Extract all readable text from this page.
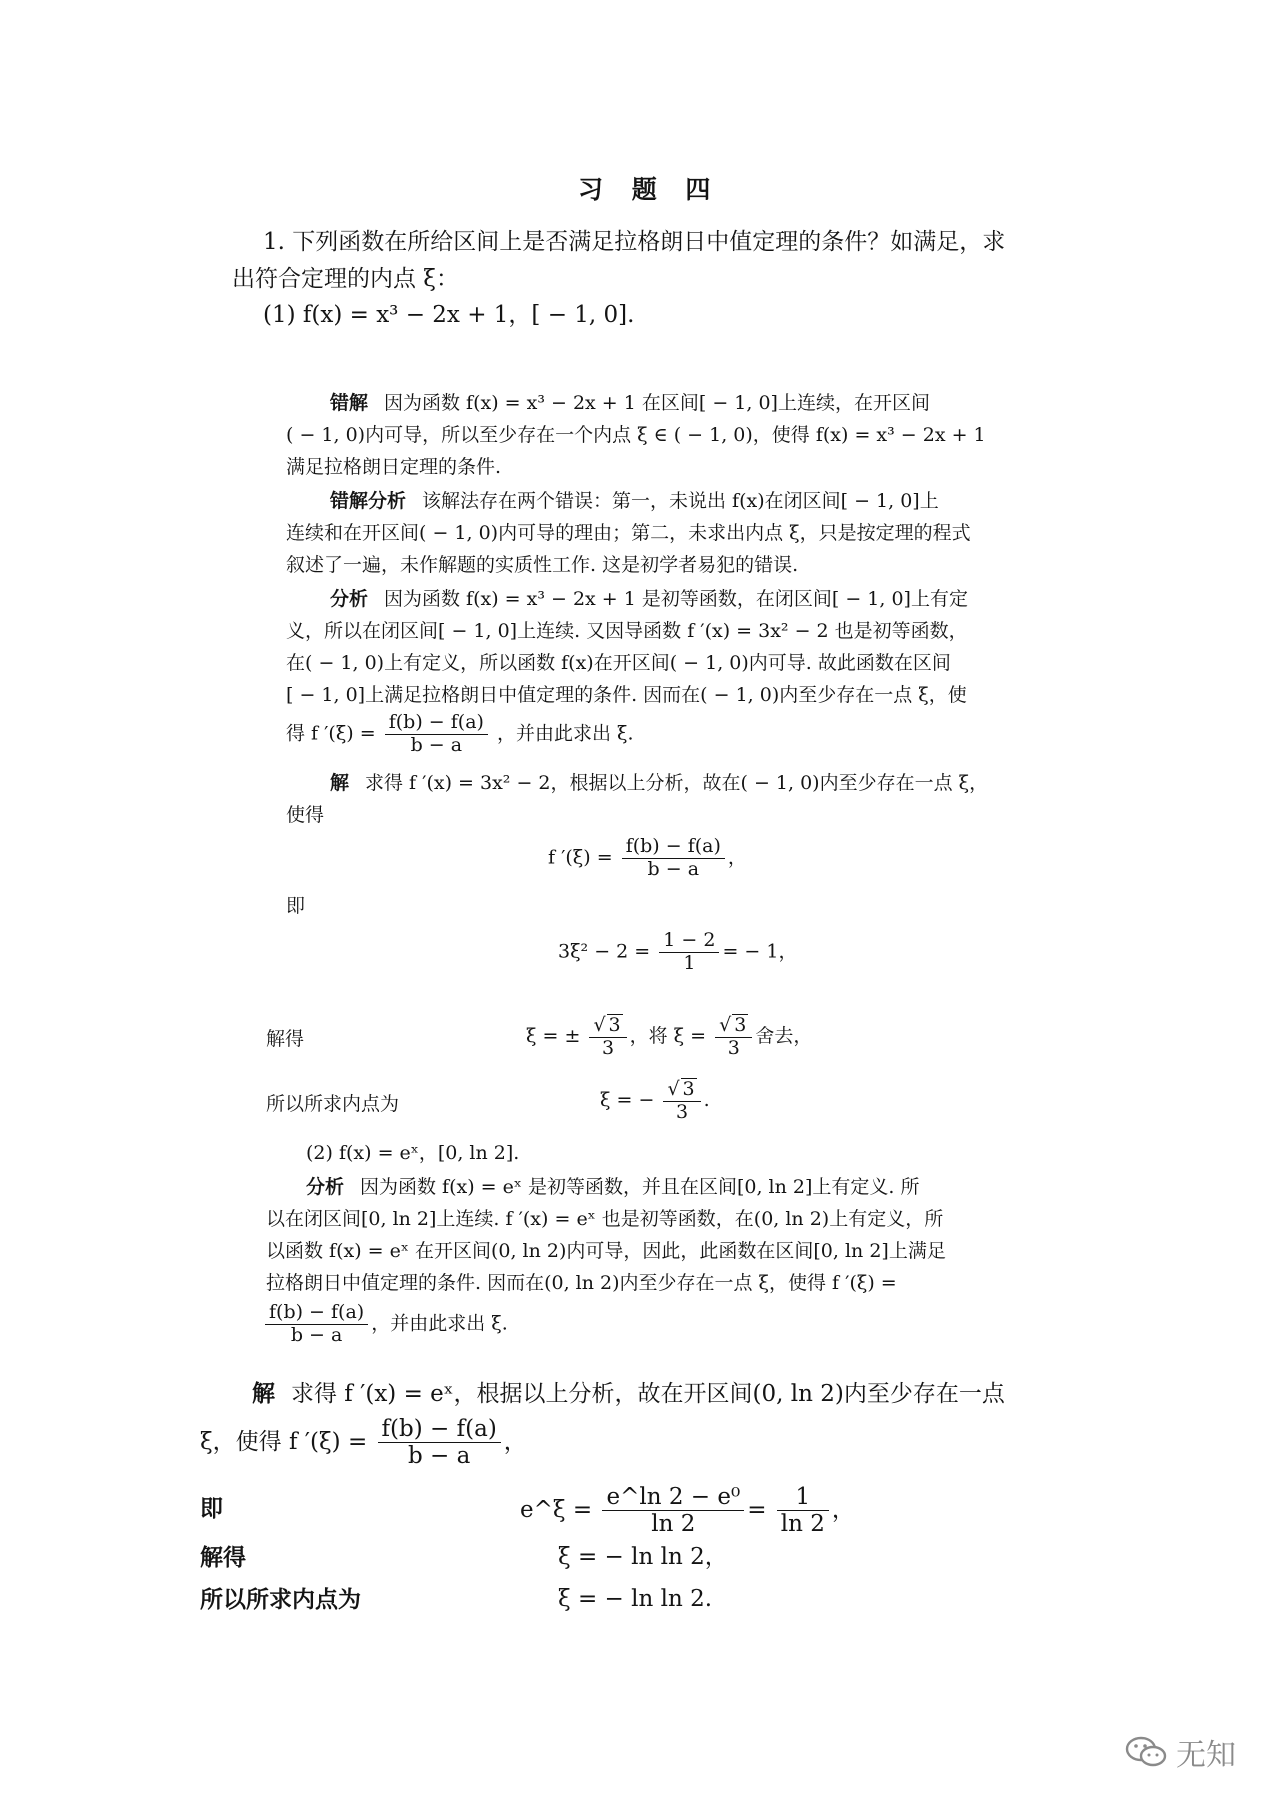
习 题 四
1. 下列函数在所给区间上是否满足拉格朗日中值定理的条件？如满足，求
出符合定理的内点 ξ：
(1) f(x) = x³ − 2x + 1，[ − 1, 0].
错解 因为函数 f(x) = x³ − 2x + 1 在区间[ − 1, 0]上连续，在开区间
( − 1, 0)内可导，所以至少存在一个内点 ξ ∈ ( − 1, 0)，使得 f(x) = x³ − 2x + 1
满足拉格朗日定理的条件.
错解分析 该解法存在两个错误：第一，未说出 f(x)在闭区间[ − 1, 0]上
连续和在开区间( − 1, 0)内可导的理由；第二，未求出内点 ξ，只是按定理的程式
叙述了一遍，未作解题的实质性工作. 这是初学者易犯的错误.
分析 因为函数 f(x) = x³ − 2x + 1 是初等函数，在闭区间[ − 1, 0]上有定
义，所以在闭区间[ − 1, 0]上连续. 又因导函数 f ′(x) = 3x² − 2 也是初等函数，
在( − 1, 0)上有定义，所以函数 f(x)在开区间( − 1, 0)内可导. 故此函数在区间
[ − 1, 0]上满足拉格朗日中值定理的条件. 因而在( − 1, 0)内至少存在一点 ξ，使
得 f $'(\xi) = \frac{f(b) - f(a)}{b - a}$ ，并由此求出 ξ.
解 求得 f ′(x) = 3x² − 2，根据以上分析，故在( − 1, 0)内至少存在一点 ξ，
使得
f $'(\xi) = \frac{f(b) - f(a)}{b - a}$ ，
即
$3\xi^2 - 2 = \frac{1 - 2}{1}$ = − 1，
解得	ξ = ± $\frac{√ 3}{3}$ ，将 $\xi = \frac{√ 3}{3}$ 舍去，
所以所求内点为	ξ = − $\frac{√ 3}{3}$ .
(2) f(x) = eˣ，[0, ln 2].
分析 因为函数 f(x) = eˣ 是初等函数，并且在区间[0, ln 2]上有定义. 所
以在闭区间[0, ln 2]上连续. f ′(x) = eˣ 也是初等函数，在(0, ln 2)上有定义，所
以函数 f(x) = eˣ 在开区间(0, ln 2)内可导，因此，此函数在区间[0, ln 2]上满足
拉格朗日中值定理的条件. 因而在(0, ln 2)内至少存在一点 ξ，使得 f ′(ξ) =
$\frac{f(b) - f(a)}{b - a}$ ，并由此求出 ξ.
解 求得 f ′(x) = eˣ，根据以上分析，故在开区间(0, ln 2)内至少存在一点
ξ，使得 f $'(\xi) = \frac{f(b) - f(a)}{b - a}$ ，
即	e^ξ = $\frac{\text{e\textasciicircum{}ln 2 − e⁰}}{\ln 2} = \frac{1}{\ln 2}$ ，
解得	ξ = − ln ln 2，
所以所求内点为	ξ = − ln ln 2.
无知
